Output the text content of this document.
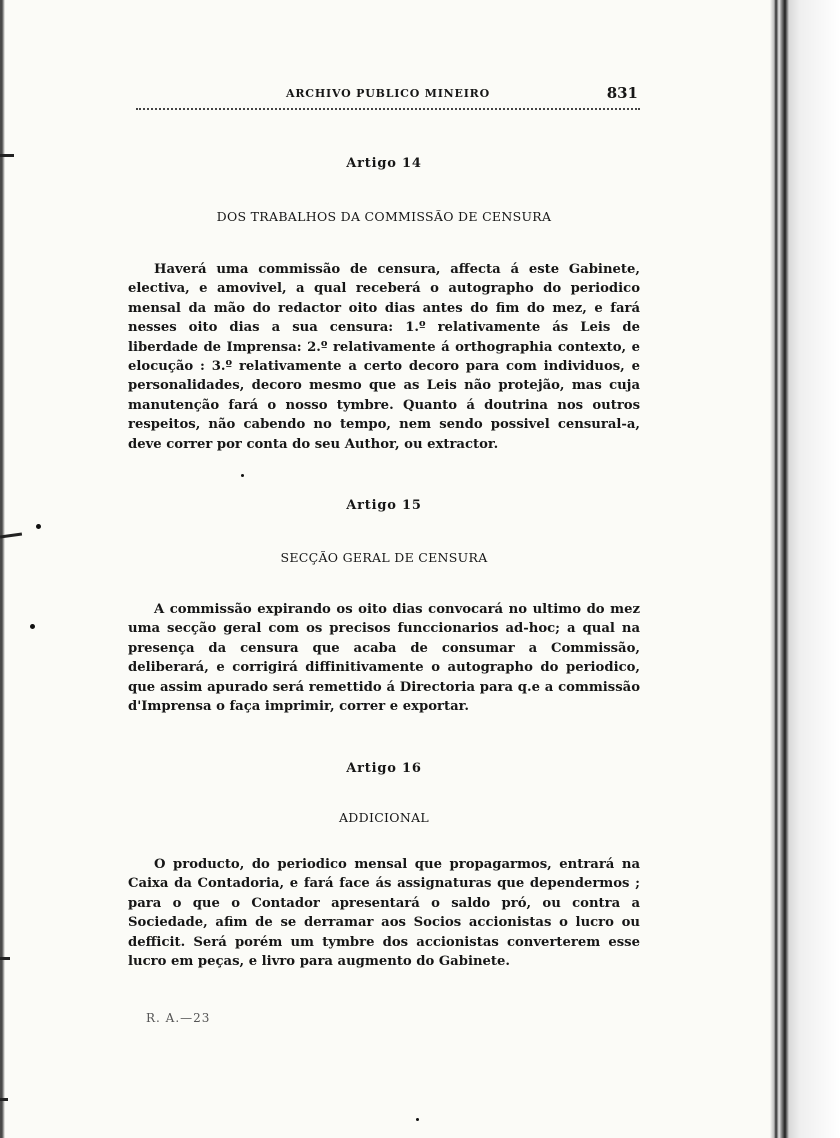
ARCHIVO PUBLICO MINEIRO	831
Artigo 14
DOS TRABALHOS DA COMMISSÃO DE CENSURA

Haverá uma commissão de censura, affecta á este Gabinete, electiva, e amovivel, a qual receberá o autographo do periodico mensal da mão do redactor oito dias antes do fim do mez, e fará nesses oito dias a sua censura: 1.º relativamente ás Leis de liberdade de Imprensa: 2.º relativamente á orthographia contexto, e elocução : 3.º relativamente a certo decoro para com individuos, e personalidades, decoro mesmo que as Leis não protejão, mas cuja manutenção fará o nosso tymbre. Quanto á doutrina nos outros respeitos, não cabendo no tempo, nem sendo possivel censural-a, deve correr por conta do seu Author, ou extractor.

Artigo 15
SECÇÃO GERAL DE CENSURA

A commissão expirando os oito dias convocará no ultimo do mez uma secção geral com os precisos funccionarios ad-hoc; a qual na presença da censura que acaba de consumar a Commissão, deliberará, e corrigirá diffinitivamente o autographo do periodico, que assim apurado será remettido á Directoria para q.e a commissão d'Imprensa o faça imprimir, correr e exportar.

Artigo 16
ADDICIONAL

O producto, do periodico mensal que propagarmos, entrará na Caixa da Contadoria, e fará face ás assignaturas que dependermos ; para o que o Contador apresentará o saldo pró, ou contra a Sociedade, afim de se derramar aos Socios accionistas o lucro ou defficit. Será porém um tymbre dos accionistas converterem esse lucro em peças, e livro para augmento do Gabinete.

R. A.—23
